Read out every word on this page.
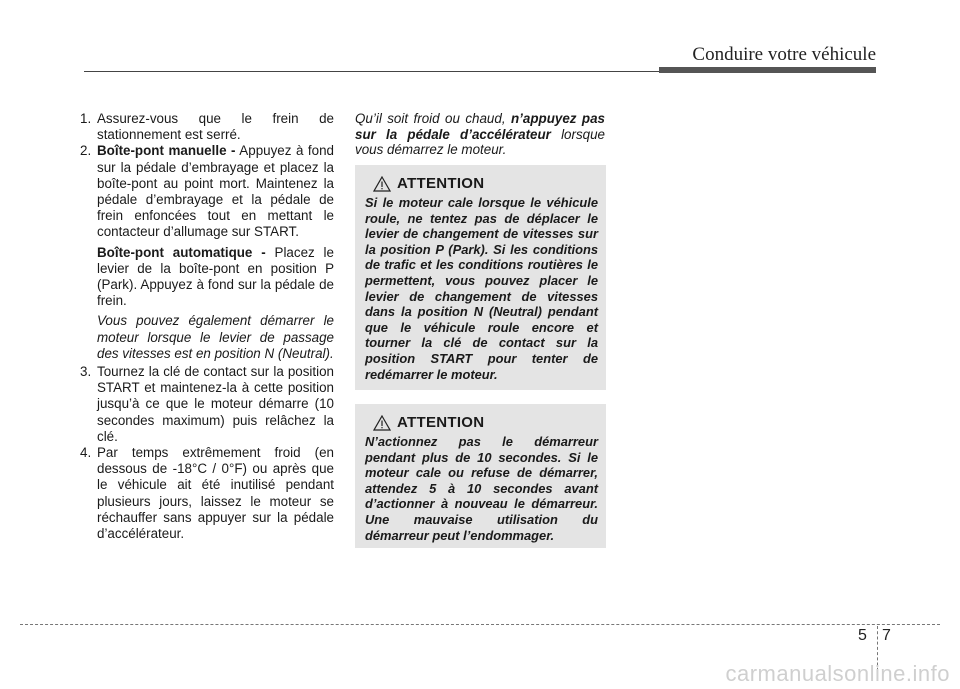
Conduire votre véhicule
1. Assurez-vous que le frein de stationnement est serré.
2. Boîte-pont manuelle - Appuyez à fond sur la pédale d’embrayage et placez la boîte-pont au point mort. Maintenez la pédale d’embrayage et la pédale de frein enfoncées tout en mettant le contacteur d’allumage sur START.
Boîte-pont automatique - Placez le levier de la boîte-pont en position P (Park). Appuyez à fond sur la pédale de frein.
Vous pouvez également démarrer le moteur lorsque le levier de passage des vitesses est en position N (Neutral).
3. Tournez la clé de contact sur la position START et maintenez-la à cette position jusqu’à ce que le moteur démarre (10 secondes maximum) puis relâchez la clé.
4. Par temps extrêmement froid (en dessous de -18°C / 0°F) ou après que le véhicule ait été inutilisé pendant plusieurs jours, laissez le moteur se réchauffer sans appuyer sur la pédale d’accélérateur.
Qu’il soit froid ou chaud, n’appuyez pas sur la pédale d’accélérateur lorsque vous démarrez le moteur.
ATTENTION
Si le moteur cale lorsque le véhicule roule, ne tentez pas de déplacer le levier de changement de vitesses sur la position P (Park). Si les conditions de trafic et les conditions routières le permettent, vous pouvez placer le levier de changement de vitesses dans la position N (Neutral) pendant que le véhicule roule encore et tourner la clé de contact sur la position START pour tenter de redémarrer le moteur.
ATTENTION
N’actionnez pas le démarreur pendant plus de 10 secondes. Si le moteur cale ou refuse de démarrer, attendez 5 à 10 secondes avant d’actionner à nouveau le démarreur. Une mauvaise utilisation du démarreur peut l’endommager.
5 7
carmanualsonline.info
